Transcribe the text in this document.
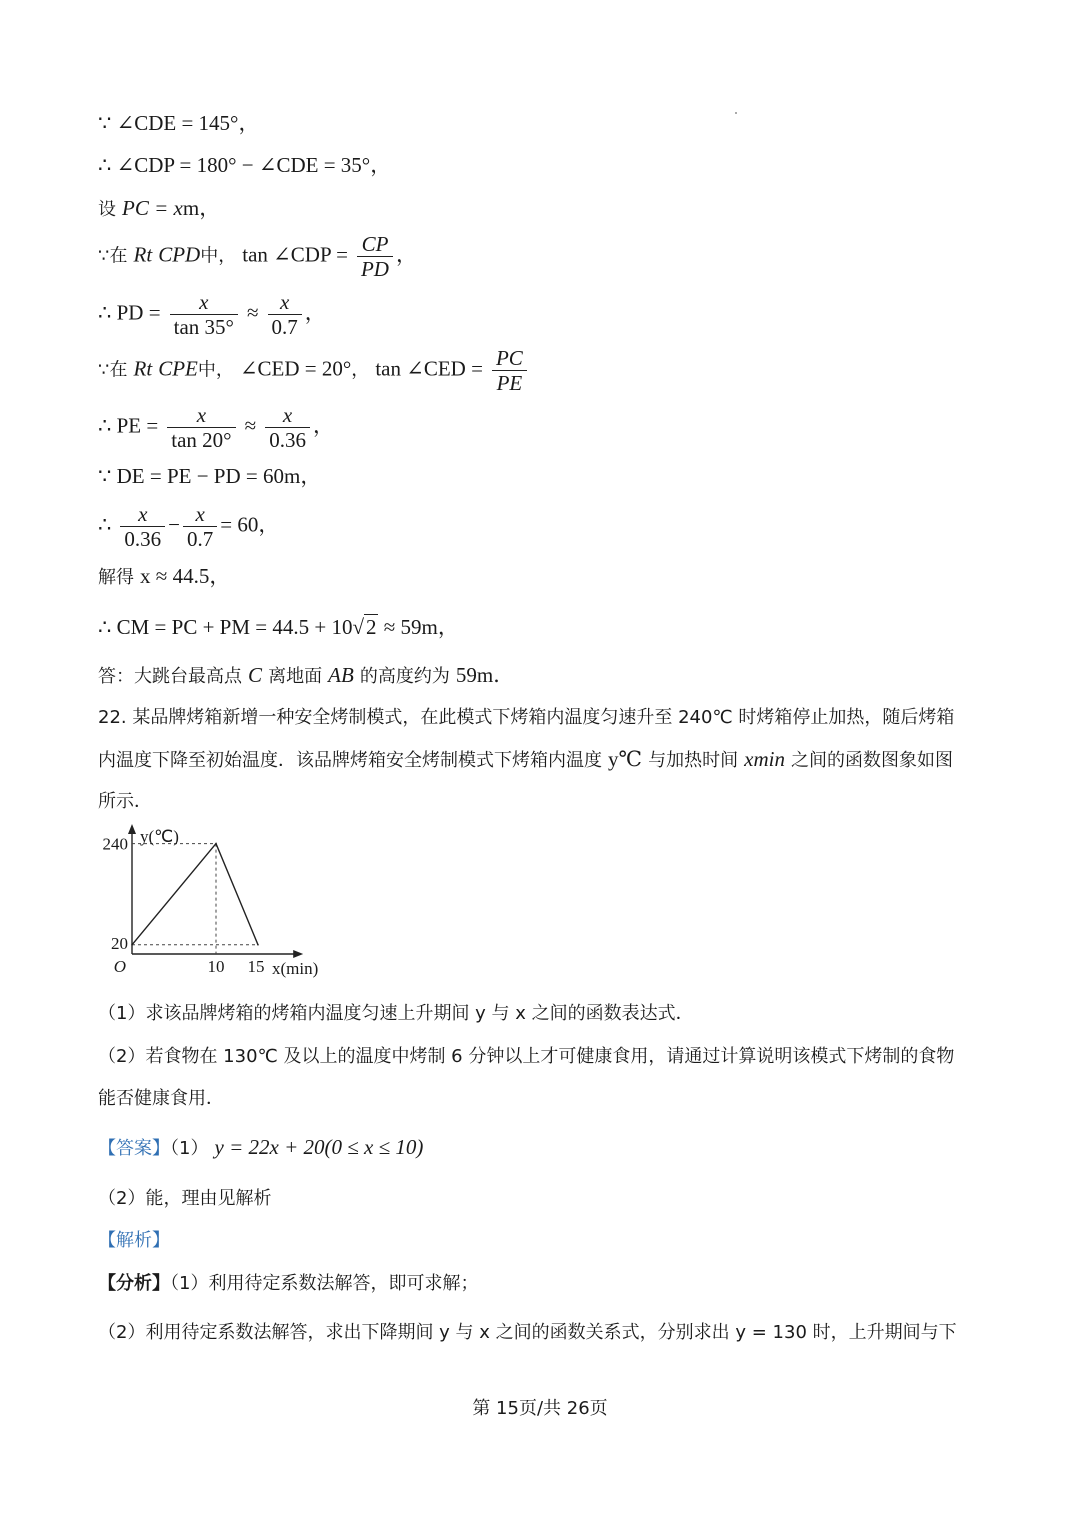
∵ ∠CDE = 145°，
∴ ∠CDP = 180° − ∠CDE = 35°，
设 PC = xm，
∵在 Rt CPD中， tan ∠CDP = $\frac{CP}{PD}$ ，
∴ PD = $\frac{x}{\tan 35^\circ} \approx \frac{x}{0.7}$ ，
∵在 Rt CPE中， ∠CED = 20°， tan ∠CED = $\frac{PC}{PE}$
∴ PE = $\frac{x}{\tan 20^\circ} \approx \frac{x}{0.36}$ ，
∵ DE = PE − PD = 60m，
∴ $\frac{x}{0.36} - \frac{x}{0.7} = 60$，
解得 x ≈ 44.5，
∴ CM = PC + PM = 44.5 + 10√2 ≈ 59m，
答：大跳台最高点 C 离地面 AB 的高度约为 59m．
22. 某品牌烤箱新增一种安全烤制模式，在此模式下烤箱内温度匀速升至 240℃ 时烤箱停止加热，随后烤箱
内温度下降至初始温度．该品牌烤箱安全烤制模式下烤箱内温度 y℃ 与加热时间 xmin 之间的函数图象如图
所示．
y(℃)
240
20
O	10 15 x(min)
（1）求该品牌烤箱的烤箱内温度匀速上升期间 y 与 x 之间的函数表达式．
（2）若食物在 130℃ 及以上的温度中烤制 6 分钟以上才可健康食用，请通过计算说明该模式下烤制的食物
能否健康食用．
【答案】（1） y = 22x + 20(0 ≤ x ≤ 10)
（2）能，理由见解析
【解析】
【分析】（1）利用待定系数法解答，即可求解；
（2）利用待定系数法解答，求出下降期间 y 与 x 之间的函数关系式，分别求出 y = 130 时，上升期间与下
第 15页/共 26页
